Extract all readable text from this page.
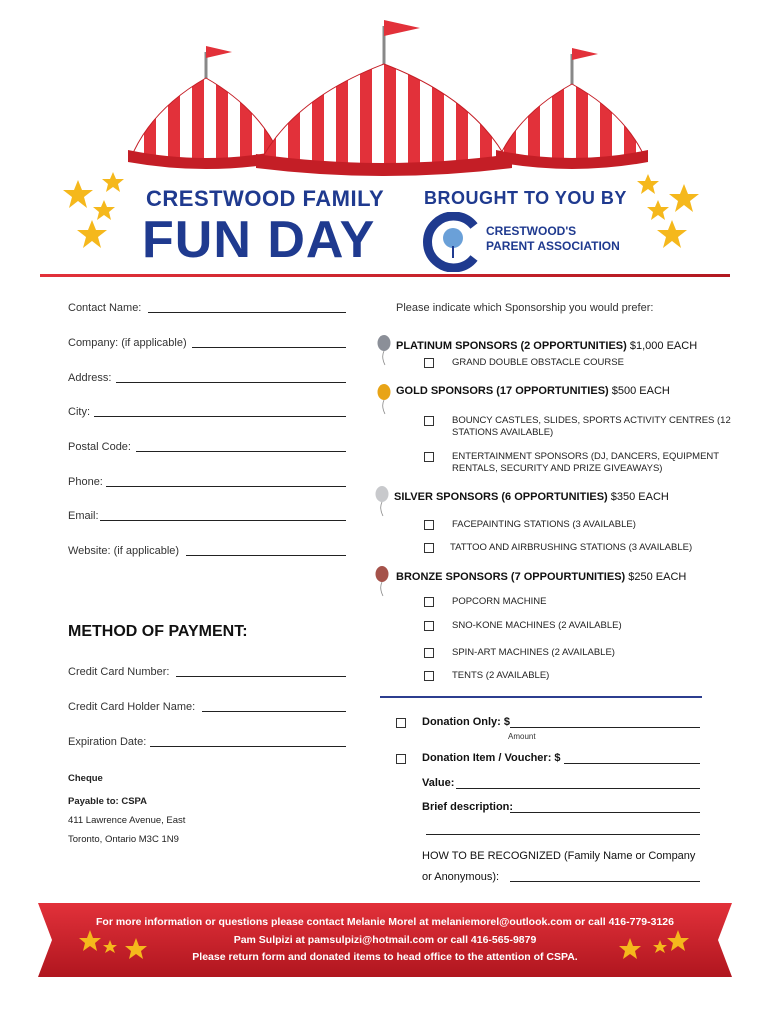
CRESTWOOD FAMILY
FUN DAY
BROUGHT TO YOU BY
CRESTWOOD'S
PARENT ASSOCIATION
Contact Name:
Company: (if applicable)
Address:
City:
Postal Code:
Phone:
Email:
Website: (if applicable)
METHOD OF PAYMENT:
Credit Card Number:
Credit Card Holder Name:
Expiration Date:
Cheque
Payable to: CSPA
411 Lawrence Avenue, East
Toronto, Ontario M3C 1N9
Please indicate which Sponsorship you would prefer:
PLATINUM SPONSORS (2 OPPORTUNITIES) $1,000 EACH
GRAND DOUBLE OBSTACLE COURSE
GOLD SPONSORS (17 OPPORTUNITIES) $500 EACH
BOUNCY CASTLES, SLIDES, SPORTS ACTIVITY CENTRES (12 STATIONS AVAILABLE)
ENTERTAINMENT SPONSORS (DJ, DANCERS, EQUIPMENT RENTALS, SECURITY AND PRIZE GIVEAWAYS)
SILVER SPONSORS (6 OPPORTUNITIES) $350 EACH
FACEPAINTING STATIONS (3 AVAILABLE)
TATTOO AND AIRBRUSHING STATIONS (3 AVAILABLE)
BRONZE SPONSORS (7 OPPOURTUNITIES) $250 EACH
POPCORN MACHINE
SNO-KONE MACHINES (2 AVAILABLE)
SPIN-ART MACHINES (2 AVAILABLE)
TENTS (2 AVAILABLE)
Donation Only: $
Amount
Donation Item / Voucher: $
Value:
Brief description:
HOW TO BE RECOGNIZED (Family Name or Company
or Anonymous):
For more information or questions please contact Melanie Morel at melaniemorel@outlook.com or call 416-779-3126
Pam Sulpizi at pamsulpizi@hotmail.com or call 416-565-9879
Please return form and donated items to head office to the attention of CSPA.
